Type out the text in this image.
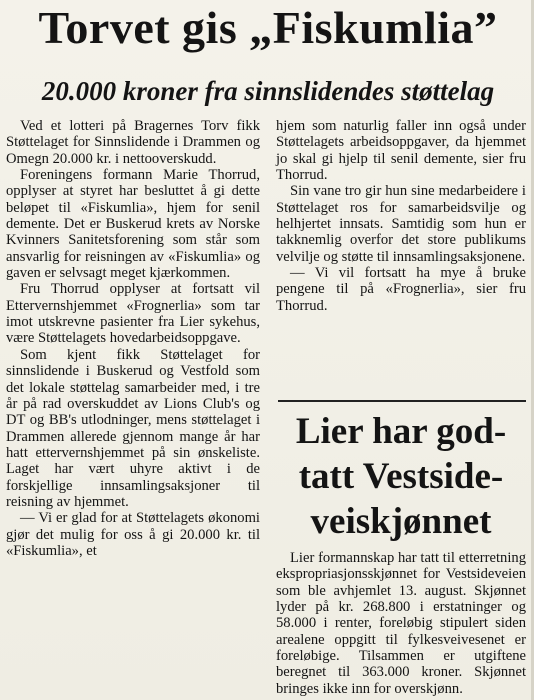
Torvet gis „Fiskumlia”
20.000 kroner fra sinnslidendes støttelag

Ved et lotteri på Bragernes Torv fikk Støttelaget for Sinnslidende i Drammen og Omegn 20.000 kr. i nettooverskudd.

Foreningens formann Marie Thorrud, opplyser at styret har besluttet å gi dette beløpet til «Fiskumlia», hjem for senil demente. Det er Buskerud krets av Norske Kvinners Sanitetsforening som står som ansvarlig for reisningen av «Fiskumlia» og gaven er selvsagt meget kjærkommen.

Fru Thorrud opplyser at fortsatt vil Ettervernshjemmet «Frognerlia» som tar imot utskrevne pasienter fra Lier sykehus, være Støttelagets hovedarbeidsoppgave.

Som kjent fikk Støttelaget for sinnslidende i Buskerud og Vestfold som det lokale støttelag samarbeider med, i tre år på rad overskuddet av Lions Club's og DT og BB's utlodninger, mens støttelaget i Drammen allerede gjennom mange år har hatt ettervernshjemmet på sin ønskeliste. Laget har vært uhyre aktivt i de forskjellige innsamlingsaksjoner til reisning av hjemmet.

— Vi er glad for at Støttelagets økonomi gjør det mulig for oss å gi 20.000 kr. til «Fiskumlia», et

hjem som naturlig faller inn også under Støttelagets arbeidsoppgaver, da hjemmet jo skal gi hjelp til senil demente, sier fru Thorrud.

Sin vane tro gir hun sine medarbeidere i Støttelaget ros for samarbeidsvilje og helhjertet innsats. Samtidig som hun er takknemlig overfor det store publikums velvilje og støtte til innsamlingsaksjonene.

— Vi vil fortsatt ha mye å bruke pengene til på «Frognerlia», sier fru Thorrud.

Lier har god-
tatt Vestside-
veiskjønnet

Lier formannskap har tatt til etterretning ekspropriasjonsskjønnet for Vestsideveien som ble avhjemlet 13. august. Skjønnet lyder på kr. 268.800 i erstatninger og 58.000 i renter, foreløbig stipulert siden arealene oppgitt til fylkesveivesenet er foreløbige. Tilsammen er utgiftene beregnet til 363.000 kroner. Skjønnet bringes ikke inn for overskjønn.
